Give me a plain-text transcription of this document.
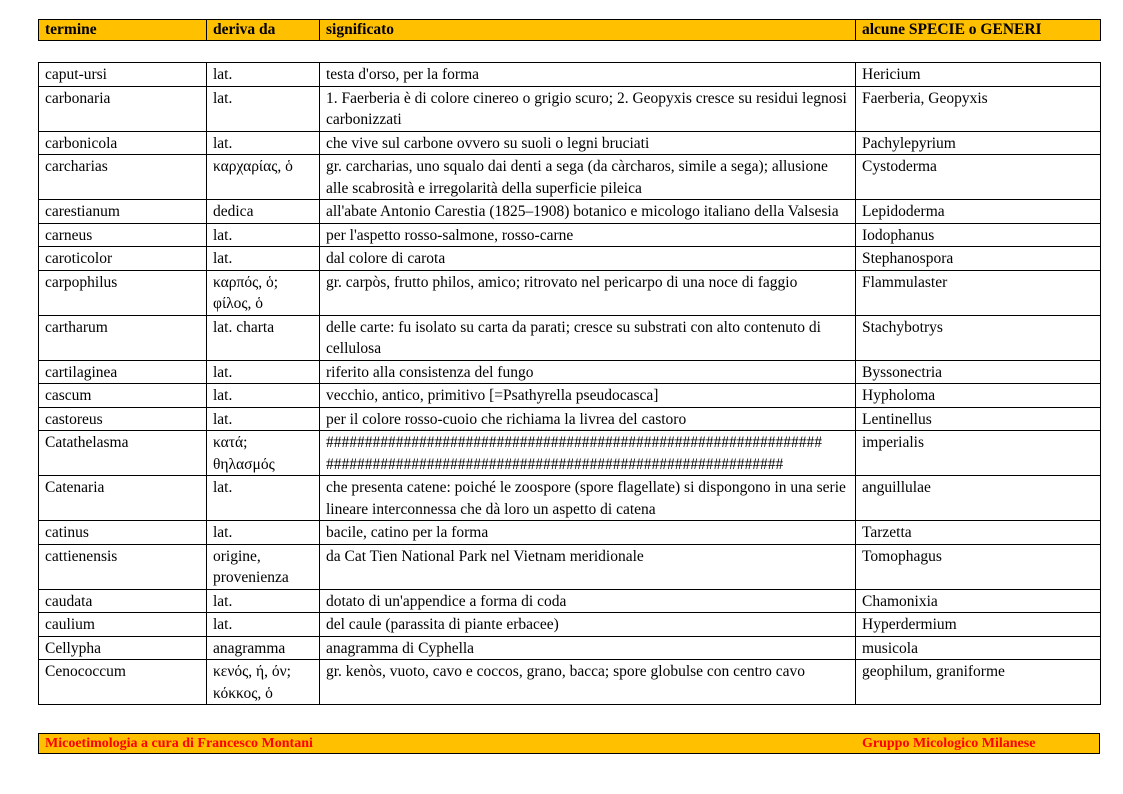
termine	deriva da	significato	alcune SPECIE o GENERI
caput-ursi	lat.	testa d'orso, per la forma	Hericium
carbonaria	lat.	1. Faerberia è di colore cinereo o grigio scuro; 2. Geopyxis cresce su residui legnosi carbonizzati	Faerberia, Geopyxis
carbonicola	lat.	che vive sul carbone ovvero su suoli o legni bruciati	Pachylepyrium
carcharias	καρχαρίας, ὁ	gr. carcharias, uno squalo dai denti a sega (da càrcharos, simile a sega); allusione alle scabrosità e irregolarità della superficie pileica	Cystoderma
carestianum	dedica	all'abate Antonio Carestia (1825–1908) botanico e micologo italiano della Valsesia	Lepidoderma
carneus	lat.	per l'aspetto rosso-salmone, rosso-carne	Iodophanus
caroticolor	lat.	dal colore di carota	Stephanospora
carpophilus	καρπός, ὁ; φίλος, ὁ	gr. carpòs, frutto philos, amico; ritrovato nel pericarpo di una noce di faggio	Flammulaster
cartharum	lat. charta	delle carte: fu isolato su carta da parati; cresce su substrati con alto contenuto di cellulosa	Stachybotrys
cartilaginea	lat.	riferito alla consistenza del fungo	Byssonectria
cascum	lat.	vecchio, antico, primitivo [=Psathyrella pseudocasca]	Hypholoma
castoreus	lat.	per il colore rosso-cuoio che richiama la livrea del castoro	Lentinellus
Catathelasma	κατά; θηλασμός	################################################################ ###########################################################	imperialis
Catenaria	lat.	che presenta catene: poiché le zoospore (spore flagellate) si dispongono in una serie lineare interconnessa che dà loro un aspetto di catena	anguillulae
catinus	lat.	bacile, catino per la forma	Tarzetta
cattienensis	origine, provenienza	da Cat Tien National Park nel Vietnam meridionale	Tomophagus
caudata	lat.	dotato di un'appendice a forma di coda	Chamonixia
caulium	lat.	del caule (parassita di piante erbacee)	Hyperdermium
Cellypha	anagramma	anagramma di Cyphella	musicola
Cenococcum	κενός, ή, όν; κόκκος, ὁ	gr. kenòs, vuoto, cavo e coccos, grano, bacca; spore globulse con centro cavo	geophilum, graniforme
Micoetimologia a cura di Francesco Montani	Gruppo Micologico Milanese
